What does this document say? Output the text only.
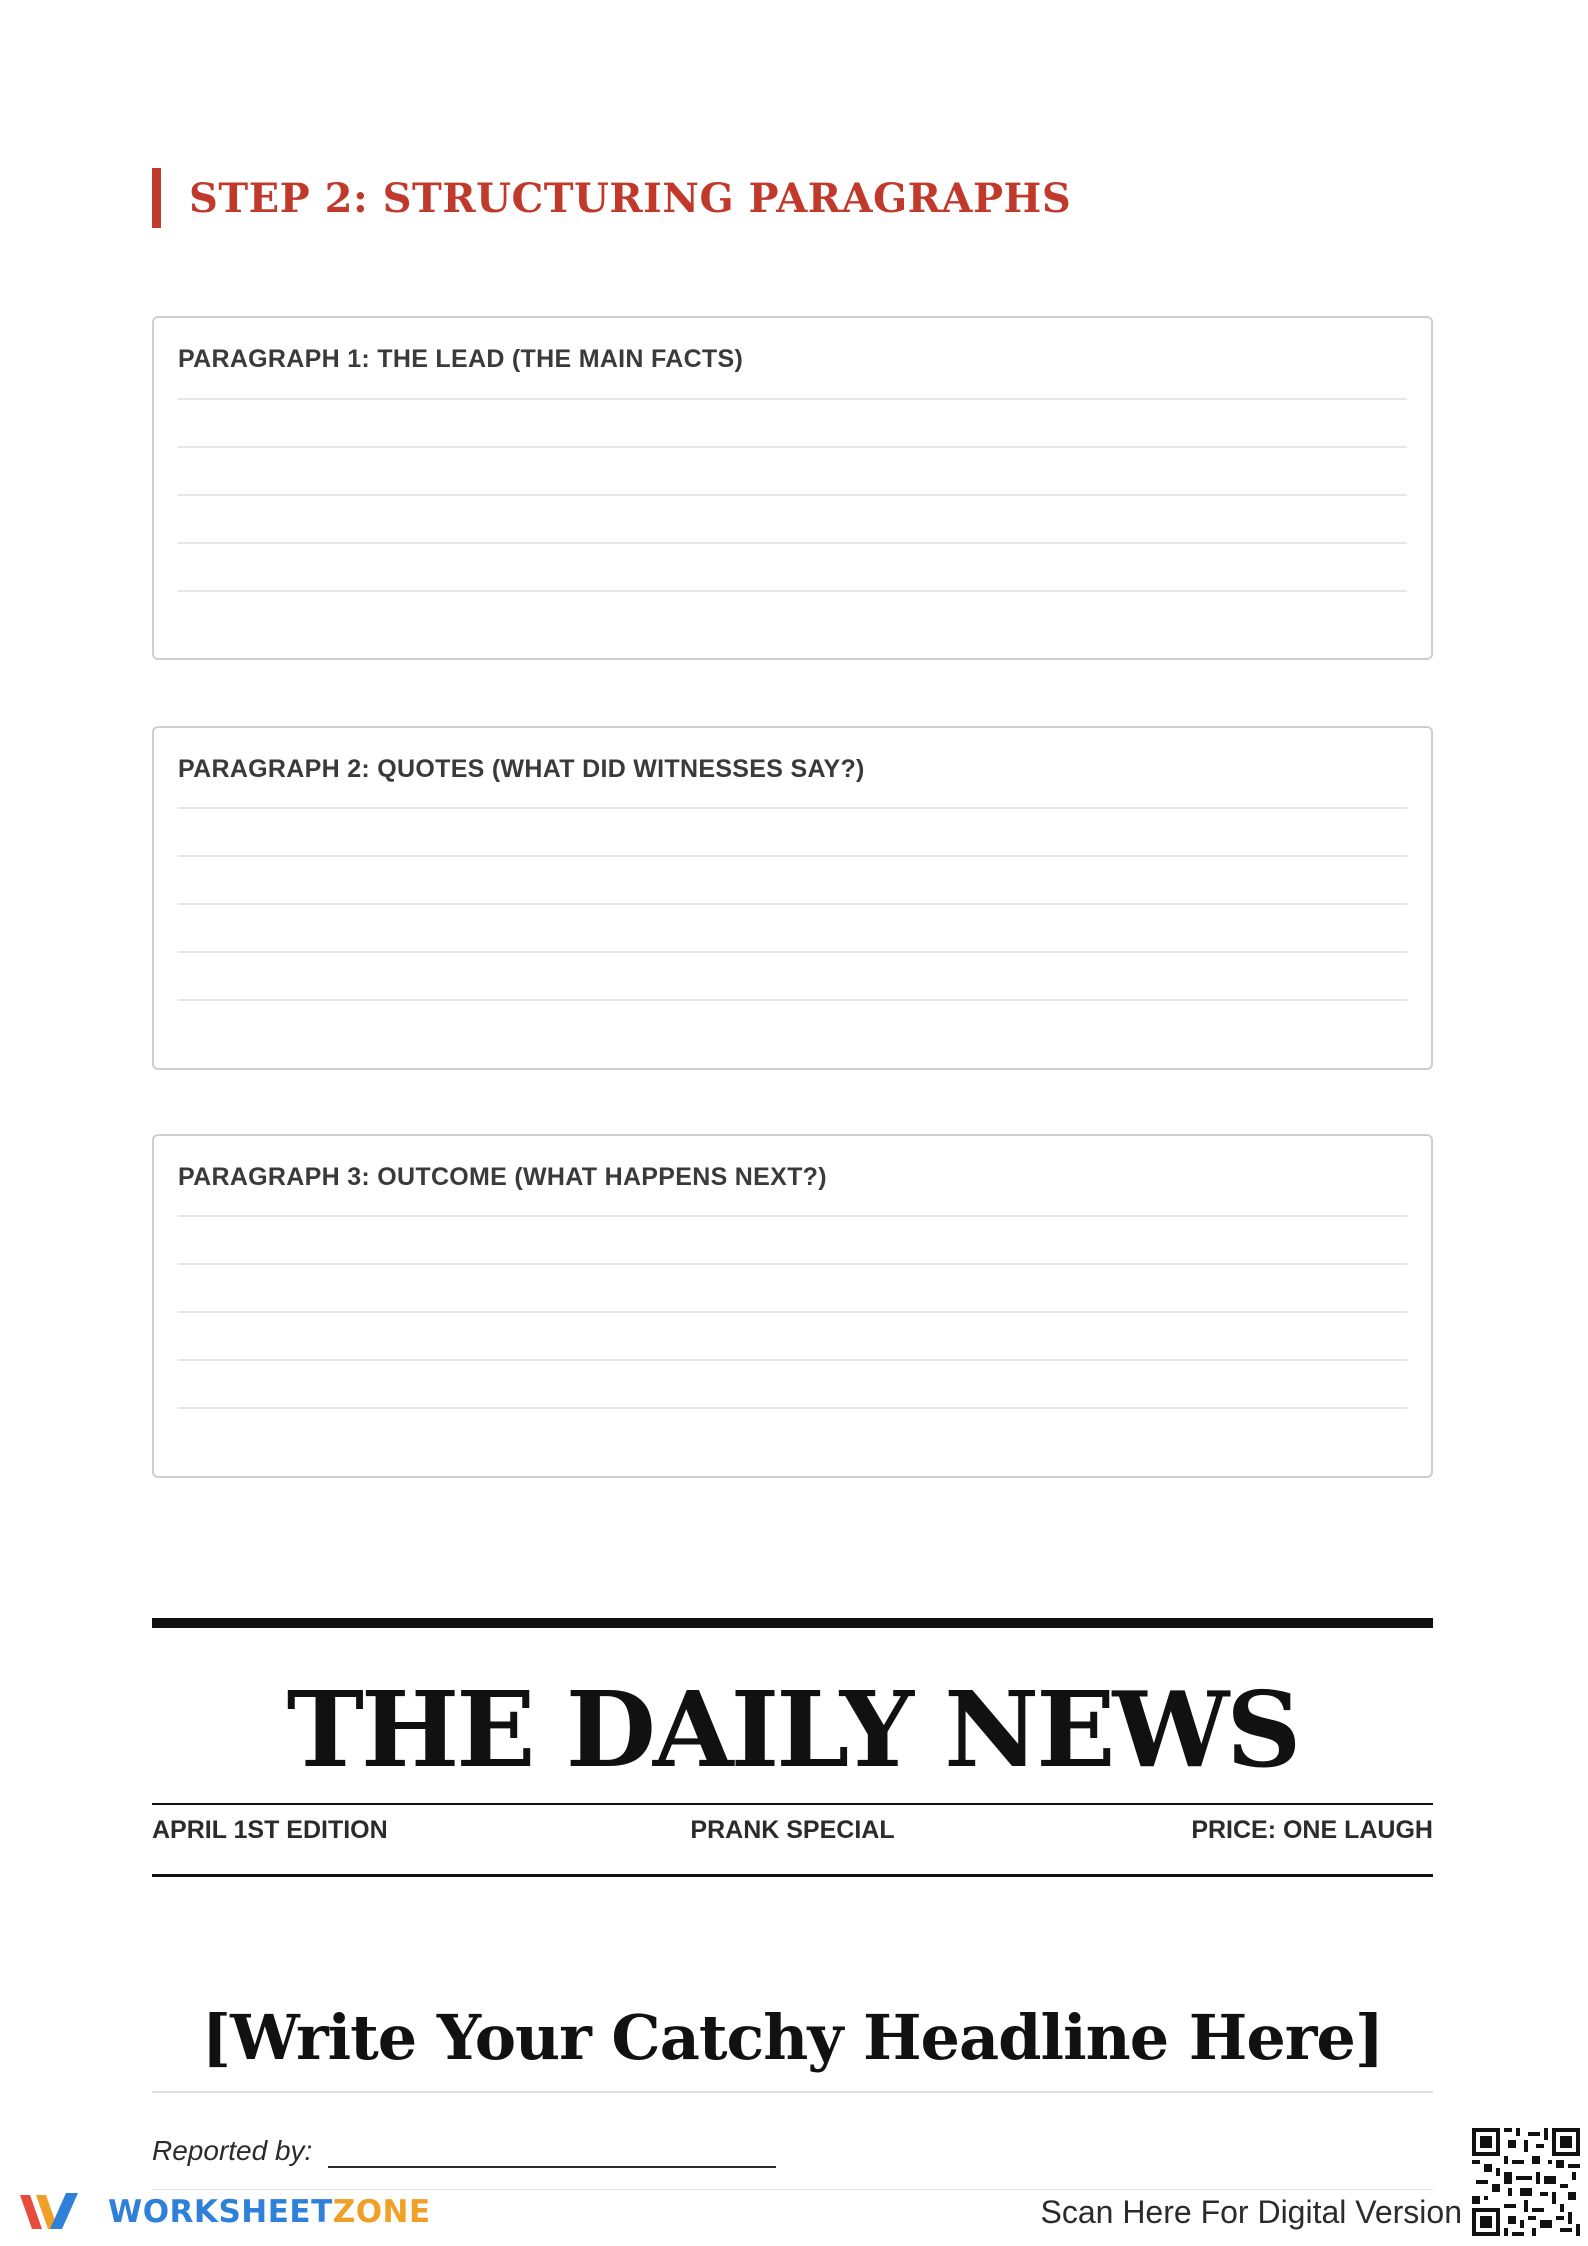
STEP 2: STRUCTURING PARAGRAPHS
PARAGRAPH 1: THE LEAD (THE MAIN FACTS)
PARAGRAPH 2: QUOTES (WHAT DID WITNESSES SAY?)
PARAGRAPH 3: OUTCOME (WHAT HAPPENS NEXT?)
THE DAILY NEWS
APRIL 1ST EDITION	PRANK SPECIAL	PRICE: ONE LAUGH
[Write Your Catchy Headline Here]
Reported by:
WORKSHEETZONE	Scan Here For Digital Version
